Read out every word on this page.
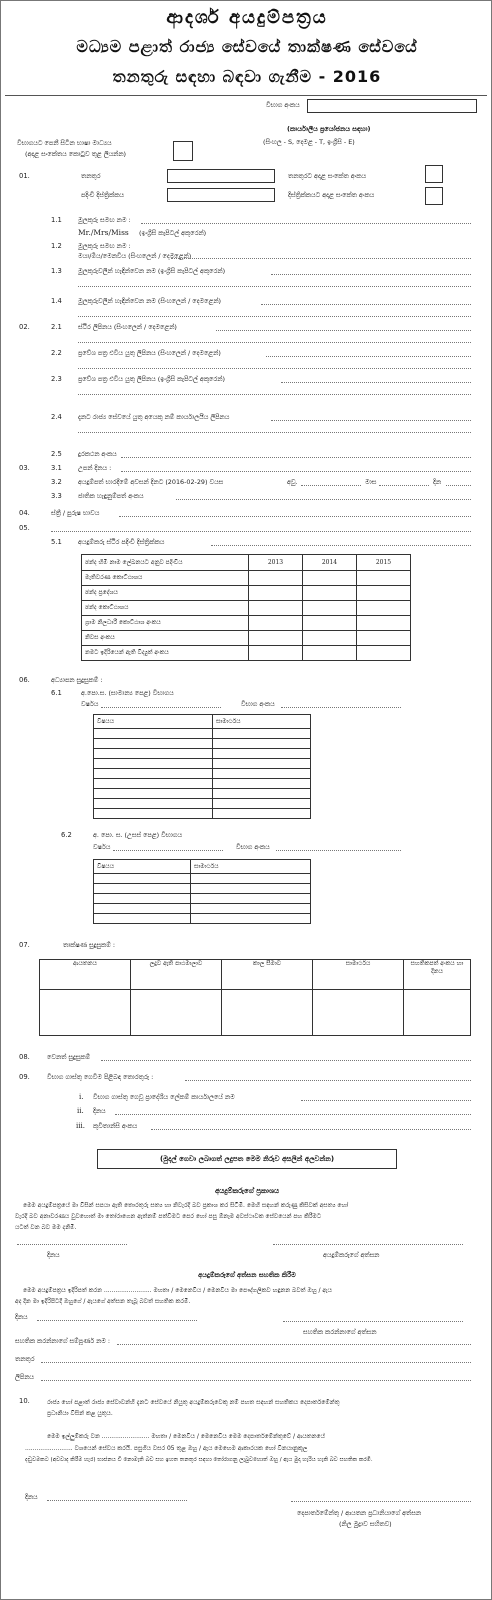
ආදර්ශ අයදුම්පත්‍රය
මධ්‍යම පළාත් රාජ්‍ය සේවයේ තාක්ෂණ සේවයේ
තනතුරු සඳහා බඳවා ගැනීම - 2016
විභාග අංකය
(කාර්යාලීය ප්‍රයෝජනය සඳහා)
(සිංහල - S, දෙමළ - T, ඉංග්‍රීසි - E)
විභාගයට පෙනී සිටින භාෂා මාධ්‍යය
(අදාළ සංකේතය කොටුව තුළ ලියන්න)
01.	තනතුර	තනතුරට අදාළ සංකේත අංකය
පදිංචි දිස්ත්‍රික්කය	දිස්ත්‍රික්කයට අදාළ සංකේත අංකය
1.1	මුලකුරු සමඟ නම :
Mr./Mrs/Miss (ඉංග්‍රීසි කැපිටල් අකුරෙන්)
1.2	මුලකුරු සමඟ නම :
මයා/මිය/මෙනවිය (සිංහලෙන් / දෙමළෙන්)
1.3	මුලකුරුවලින් හැඳින්වෙන නම (ඉංග්‍රීසි කැපිටල් අකුරෙන්)
1.4	මුලකුරුවලින් හැඳින්වෙන නම (සිංහලෙන් / දෙමළෙන්)
02.	2.1	ස්ථිර ලිපිනය (සිංහලෙන් / දෙමළෙන්)
2.2	ප්‍රවේශ පත්‍ර එවිය යුතු ලිපිනය (සිංහලෙන් / දෙමළෙන්)
2.3	ප්‍රවේශ පත්‍ර එවිය යුතු ලිපිනය (ඉංග්‍රීසි කැපිටල් අකුරෙන්)
2.4	දැනට රාජ්‍ය සේවයේ යුතු අයෙකු නම් කාර්යාලයීය ලිපිනය
2.5	දුරකථන අංකය
03.	3.1	උපන් දිනය :
3.2	අයදුම්පත් භාරදීමේ අවසන් දිනට (2016-02-29) වයස	අවු.	මාස	දින
3.3	ජාතික හැඳුනුම්පත් අංකය
04.	ස්ත්‍රී / පුරුෂ භාවය
05.
5.1	අයදුම්කරු ස්ථිර පදිංචි දිස්ත්‍රික්කය
ඡන්ද හිමි නාම ලේඛනයට අනුව පදිංචිය	2013	2014	2015
මැතිවරණ කොට්ඨාශය			
ඡන්ද ප්‍රදේශය			
ඡන්ද කොට්ඨාශය			
ග්‍රාම නිලධාරී කොට්ඨාශ අංකය			
නිවස අංකය			
නමට ඉදිරියෙන් ඇති විද්‍යුත් අංකය			
06.	අධ්‍යාපන සුදුසුකම් :
6.1	අ.පො.ස. (සාමාන්‍ය පෙළ) විභාගය
වර්ෂය	විභාග අංකය
විෂයය	සාමාර්ථය

6.2	අ. පො. ස. (උසස් පෙළ) විභාගය
වර්ෂය	විභාග අංකය
විෂයය	සාමාර්ථය

07.	තාක්ෂණ සුදුසුකම් :
ආයතනය	ලදුව ඇති පාඨමාලාව	කාල සීමාව	සාමාර්ථය	සහතිකපත් අංකය හා දිනය

08.	වෙනත් සුදුසුකම්
09.	විභාග ගාස්තු ගෙවීම පිළිබඳ තොරතුරු :
i. විභාග ගාස්තු ගෙවූ ප්‍රාදේශීය ලේකම් කාර්යාලයේ නම
ii. දිනය
iii. කුවිතාන්සි අංකය
(මුදල් ගෙවා ලබාගත් ලදුපත මෙම නිරුව අසලින් අලවන්න)
අයදුම්කරුගේ ප්‍රකාශය
මෙම අයදුම්පත්‍රයේ මා විසින් සපයා ඇති තොරතුරු සත්‍ය හා නිවැරදි බව ප්‍රකාශ කර සිටිමි. මෙහි සඳහන් කරුණු කිසිවක් අසත්‍ය හෝ
වැරදි බව අනාවරණය වුවහොත් මා තෝරාගෙන ඇත්නම් පත්වීමට පෙර හෝ පසු ඕනෑම අවස්ථාවක සේවයෙන් පහ කිරීමට
යටත් වන බව මම දනිමි.
දිනය	අයදුම්කරුගේ අත්සන
අයදුම්කරුගේ අත්සන සහතික කිරීම
මෙම අයදුම්පත්‍රය ඉදිරිපත් කරන ......................... මහතා / මෙනෙවිය / මෙනවිය මා පෞද්ගලිකව හඳුනන බවත් ඔහු / ඇය
අද දින මා ඉදිරිපිටදී ඔහුගේ / ඇයගේ අත්සන තැබූ බවත් සහතික කරමි.
දිනය
සහතික කරන්නාගේ අත්සන
සහතික කරන්නාගේ සම්පූර්ණ නම :
තනතුර
ලිපිනය
10.	රාජ්‍ය හෝ පළාත් රාජ්‍ය සේවාවන්හි දැනට සේවයේ නියුතු අයදුම්කරුවෙකු නම් පහත සඳහන් සහතිකය දෙපාර්තමේන්තු
ප්‍රධානියා විසින් කළ යුතුය.
මෙම ඉල්ලුම්කරු වන ......................... මහතා / මෙනවිය / මෙනෙවිය මෙම දෙපාර්තමේන්තුවේ / ආයතනයේ
......................... වශයෙන් සේවය කරයි. පසුගිය වසර 05 තුළ ඔහු / ඇය මෙහෙම ආකාරයක හෝ විනයානුකූල
දඬුවමකට (අවවාද කිරීම හැර) භාජනය වී නොමැති බව සහ ඉහත තනතුර සඳහා තෝරාගනු ලැබුවහොත් ඔහු / ඇය මුදා හැරිය හැකි බව සහතික කරමි.
දිනය
දෙපාර්තමේන්තු / ආයතන ප්‍රධානියාගේ අත්සන
(නිල මුද්‍රාව සහිතව)
